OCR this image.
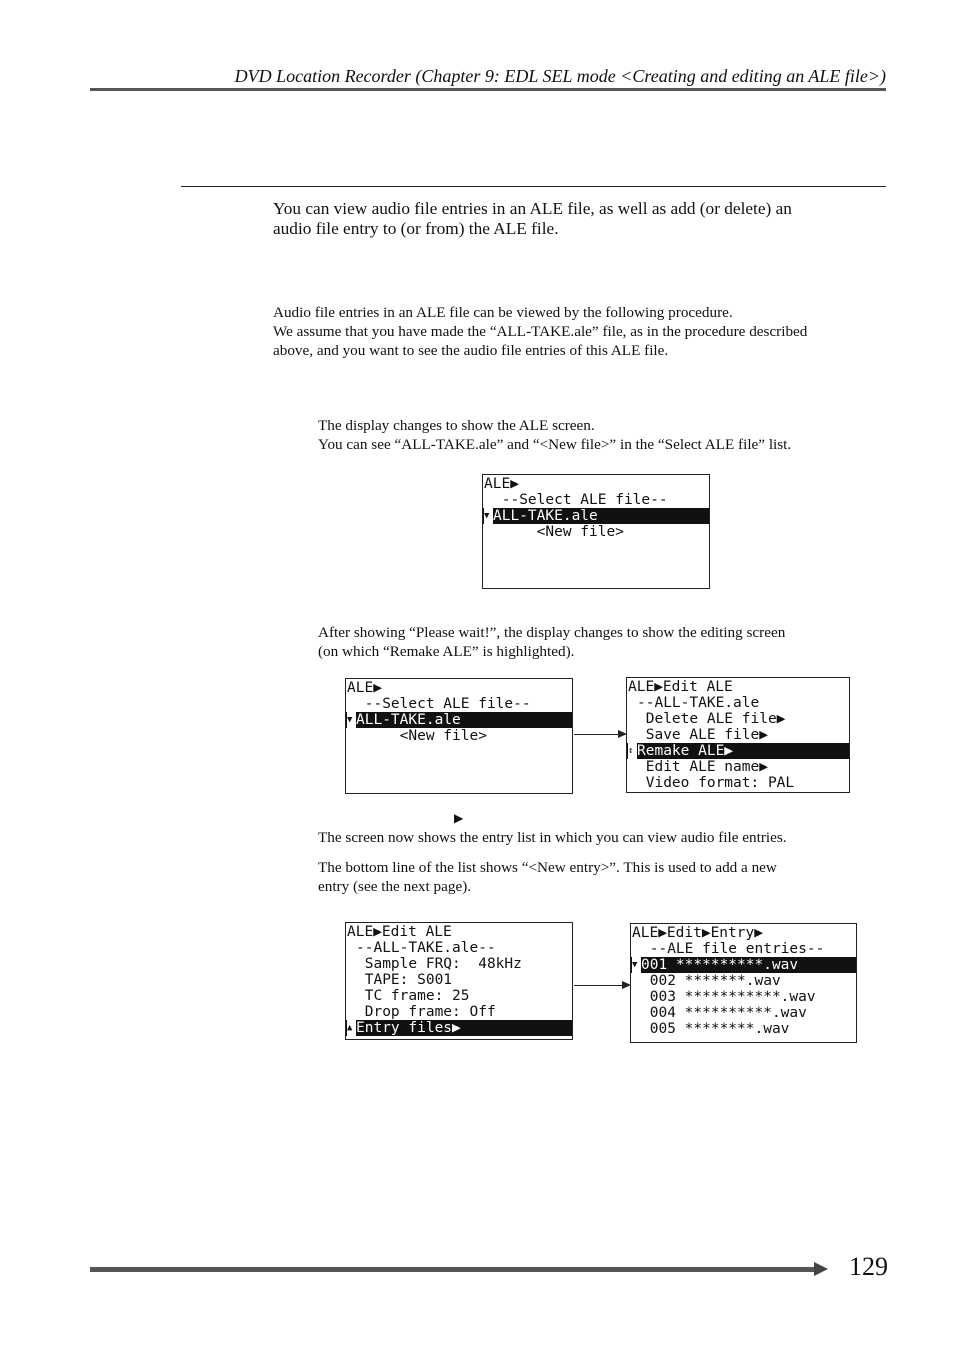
DVD Location Recorder (Chapter 9: EDL SEL mode <Creating and editing an ALE file>)
You can view audio file entries in an ALE file, as well as add (or delete) an
audio file entry to (or from) the ALE file.
Audio file entries in an ALE file can be viewed by the following procedure.
We assume that you have made the “ALL-TAKE.ale” file, as in the procedure described
above, and you want to see the audio file entries of this ALE file.
The display changes to show the ALE screen.
You can see “ALL-TAKE.ale” and “<New file>” in the “Select ALE file” list.
ALE▶
--Select ALE file--
▼ ALL-TAKE.ale
<New file>
After showing “Please wait!”, the display changes to show the editing screen
(on which “Remake ALE” is highlighted).
ALE▶
--Select ALE file--
▼ ALL-TAKE.ale
<New file>
ALE▶Edit ALE
--ALL-TAKE.ale
Delete ALE file▶
Save ALE file▶
↕ Remake ALE▶
Edit ALE name▶
Video format: PAL
▶
The screen now shows the entry list in which you can view audio file entries.
The bottom line of the list shows “<New entry>”. This is used to add a new
entry (see the next page).
ALE▶Edit ALE
--ALL-TAKE.ale--
Sample FRQ:  48kHz
TAPE: S001
TC frame: 25
Drop frame: Off
▲ Entry files▶
ALE▶Edit▶Entry▶
--ALE file entries--
▼ 001 **********.wav
002 *******.wav
003 ***********.wav
004 **********.wav
005 ********.wav
129
